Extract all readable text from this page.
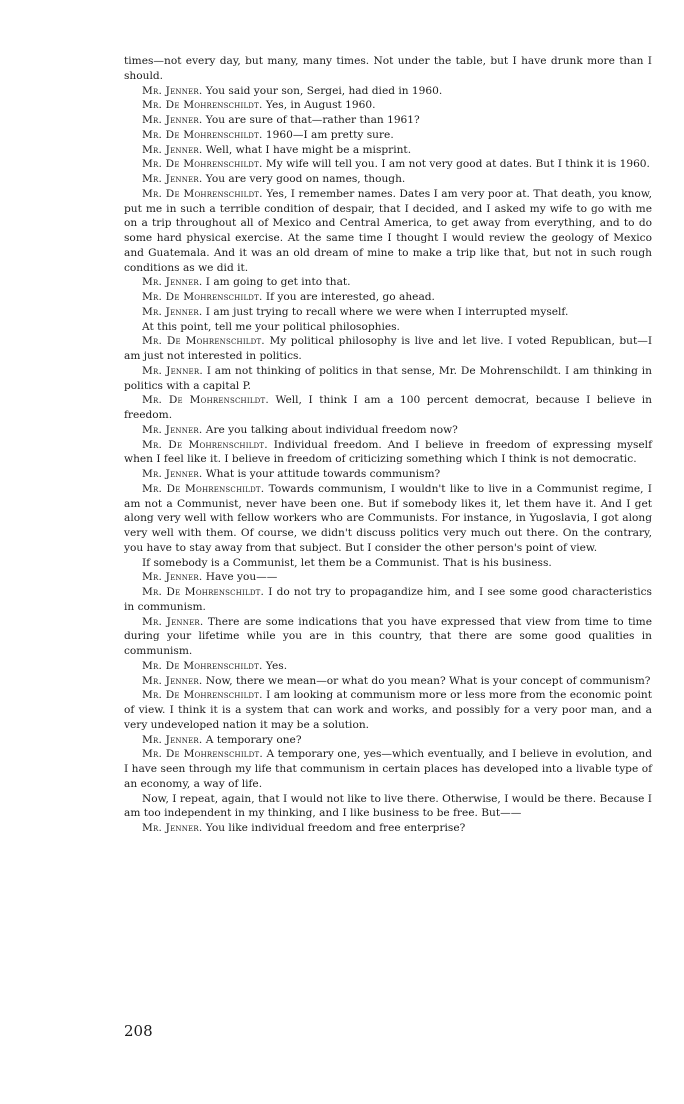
times—not every day, but many, many times. Not under the table, but I have drunk more than I should.

Mr. Jenner. You said your son, Sergei, had died in 1960.

Mr. De Mohrenschildt. Yes, in August 1960.

Mr. Jenner. You are sure of that—rather than 1961?

Mr. De Mohrenschildt. 1960—I am pretty sure.

Mr. Jenner. Well, what I have might be a misprint.

Mr. De Mohrenschildt. My wife will tell you. I am not very good at dates. But I think it is 1960.

Mr. Jenner. You are very good on names, though.

Mr. De Mohrenschildt. Yes, I remember names. Dates I am very poor at. That death, you know, put me in such a terrible condition of despair, that I decided, and I asked my wife to go with me on a trip throughout all of Mexico and Central America, to get away from everything, and to do some hard physical exercise. At the same time I thought I would review the geology of Mexico and Guatemala. And it was an old dream of mine to make a trip like that, but not in such rough conditions as we did it.

Mr. Jenner. I am going to get into that.

Mr. De Mohrenschildt. If you are interested, go ahead.

Mr. Jenner. I am just trying to recall where we were when I interrupted myself.

At this point, tell me your political philosophies.

Mr. De Mohrenschildt. My political philosophy is live and let live. I voted Republican, but—I am just not interested in politics.

Mr. Jenner. I am not thinking of politics in that sense, Mr. De Mohrenschildt. I am thinking in politics with a capital P.

Mr. De Mohrenschildt. Well, I think I am a 100 percent democrat, because I believe in freedom.

Mr. Jenner. Are you talking about individual freedom now?

Mr. De Mohrenschildt. Individual freedom. And I believe in freedom of expressing myself when I feel like it. I believe in freedom of criticizing something which I think is not democratic.

Mr. Jenner. What is your attitude towards communism?

Mr. De Mohrenschildt. Towards communism, I wouldn't like to live in a Communist regime, I am not a Communist, never have been one. But if somebody likes it, let them have it. And I get along very well with fellow workers who are Communists. For instance, in Yugoslavia, I got along very well with them. Of course, we didn't discuss politics very much out there. On the contrary, you have to stay away from that subject. But I consider the other person's point of view.

If somebody is a Communist, let them be a Communist. That is his business.

Mr. Jenner. Have you——

Mr. De Mohrenschildt. I do not try to propagandize him, and I see some good characteristics in communism.

Mr. Jenner. There are some indications that you have expressed that view from time to time during your lifetime while you are in this country, that there are some good qualities in communism.

Mr. De Mohrenschildt. Yes.

Mr. Jenner. Now, there we mean—or what do you mean? What is your concept of communism?

Mr. De Mohrenschildt. I am looking at communism more or less more from the economic point of view. I think it is a system that can work and works, and possibly for a very poor man, and a very undeveloped nation it may be a solution.

Mr. Jenner. A temporary one?

Mr. De Mohrenschildt. A temporary one, yes—which eventually, and I believe in evolution, and I have seen through my life that communism in certain places has developed into a livable type of an economy, a way of life.

Now, I repeat, again, that I would not like to live there. Otherwise, I would be there. Because I am too independent in my thinking, and I like business to be free. But——

Mr. Jenner. You like individual freedom and free enterprise?

208
